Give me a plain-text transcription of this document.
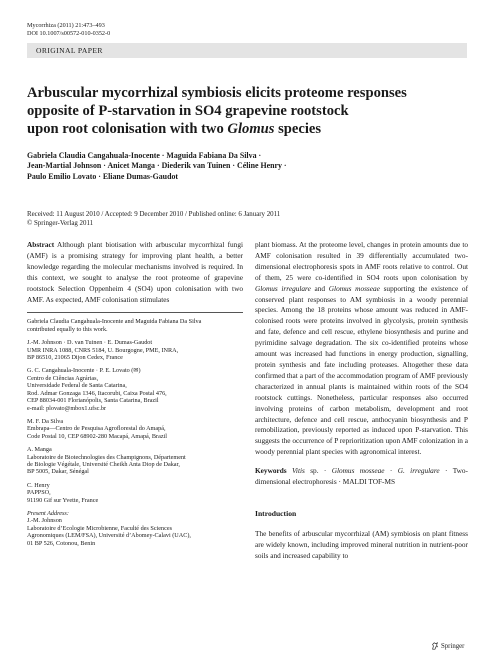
Mycorrhiza (2011) 21:473–493
DOI 10.1007/s00572-010-0352-0
ORIGINAL PAPER
Arbuscular mycorrhizal symbiosis elicits proteome responses
opposite of P-starvation in SO4 grapevine rootstock
upon root colonisation with two Glomus species
Gabriela Claudia Cangahuala-Inocente · Maguida Fabiana Da Silva ·
Jean-Martial Johnson · Anicet Manga · Diederik van Tuinen · Céline Henry ·
Paulo Emilio Lovato · Eliane Dumas-Gaudot
Received: 11 August 2010 / Accepted: 9 December 2010 / Published online: 6 January 2011
© Springer-Verlag 2011

Abstract Although plant biotisation with arbuscular mycorrhizal fungi (AMF) is a promising strategy for improving plant health, a better knowledge regarding the molecular mechanisms involved is required. In this context, we sought to analyse the root proteome of grapevine rootstock Selection Oppenheim 4 (SO4) upon colonisation with two AMF. As expected, AMF colonisation stimulates

Gabriela Claudia Cangahuala-Inocente and Maguida Fabiana Da Silva
contributed equally to this work.
J.-M. Johnson · D. van Tuinen · E. Dumas-Gaudot
UMR INRA 1088, CNRS 5184, U. Bourgogne, PME, INRA,
BP 86510, 21065 Dijon Cedex, France
G. C. Cangahuala-Inocente · P. E. Lovato (✉)
Centro de Ciências Agrárias,
Universidade Federal de Santa Catarina,
Rod. Admar Gonzaga 1346, Itacorubi, Caixa Postal 476,
CEP 88034-001 Florianópolis, Santa Catarina, Brazil
e-mail: plovato@mbox1.ufsc.br
M. F. Da Silva
Embrapa—Centro de Pesquisa Agroflorestal do Amapá,
Code Postal 10, CEP 68902-280 Macapá, Amapá, Brazil
A. Manga
Laboratoire de Biotechnologies des Champignons, Département
de Biologie Végétale, Université Cheikh Anta Diop de Dakar,
BP 5005, Dakar, Sénégal
C. Henry
PAPPSO,
91190 Gif sur Yvette, France
Present Address:
J.-M. Johnson
Laboratoire d’Ecologie Microbienne, Faculté des Sciences
Agronomiques (LEM/FSA), Université d’Abomey-Calavi (UAC),
01 BP 526, Cotonou, Benin

plant biomass. At the proteome level, changes in protein amounts due to AMF colonisation resulted in 39 differentially accumulated two-dimensional electrophoresis spots in AMF roots relative to control. Out of them, 25 were co-identified in SO4 roots upon colonisation by Glomus irregulare and Glomus mosseae supporting the existence of conserved plant responses to AM symbiosis in a woody perennial species. Among the 18 proteins whose amount was reduced in AMF-colonised roots were proteins involved in glycolysis, protein synthesis and fate, defence and cell rescue, ethylene biosynthesis and purine and pyrimidine salvage degradation. The six co-identified proteins whose amount was increased had functions in energy production, signalling, protein synthesis and fate including proteases. Altogether these data confirmed that a part of the accommodation program of AMF previously characterized in annual plants is maintained within roots of the SO4 rootstock cuttings. Nonetheless, particular responses also occurred involving proteins of carbon metabolism, development and root architecture, defence and cell rescue, anthocyanin biosynthesis and P remobilization, previously reported as induced upon P-starvation. This suggests the occurrence of P reprioritization upon AMF colonization in a woody perennial plant species with agronomical interest.

Keywords Vitis sp. · Glomus mosseae · G. irregulare · Two-dimensional electrophoresis · MALDI TOF-MS
Introduction

The benefits of arbuscular mycorrhizal (AM) symbiosis on plant fitness are widely known, including improved mineral nutrition in nutrient-poor soils and increased capability to

Springer
